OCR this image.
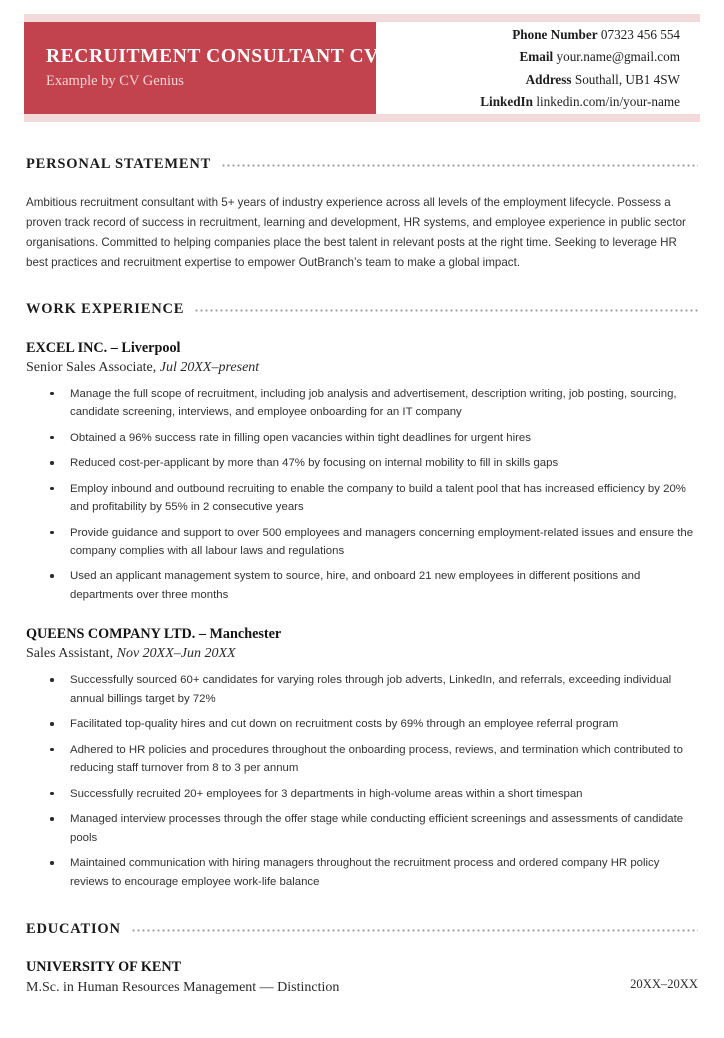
RECRUITMENT CONSULTANT CV
Example by CV Genius
Phone Number 07323 456 554
Email your.name@gmail.com
Address Southall, UB1 4SW
LinkedIn linkedin.com/in/your-name
PERSONAL STATEMENT
Ambitious recruitment consultant with 5+ years of industry experience across all levels of the employment lifecycle. Possess a proven track record of success in recruitment, learning and development, HR systems, and employee experience in public sector organisations. Committed to helping companies place the best talent in relevant posts at the right time. Seeking to leverage HR best practices and recruitment expertise to empower OutBranch’s team to make a global impact.
WORK EXPERIENCE
EXCEL INC. – Liverpool
Senior Sales Associate, Jul 20XX–present
Manage the full scope of recruitment, including job analysis and advertisement, description writing, job posting, sourcing, candidate screening, interviews, and employee onboarding for an IT company
Obtained a 96% success rate in filling open vacancies within tight deadlines for urgent hires
Reduced cost-per-applicant by more than 47% by focusing on internal mobility to fill in skills gaps
Employ inbound and outbound recruiting to enable the company to build a talent pool that has increased efficiency by 20% and profitability by 55% in 2 consecutive years
Provide guidance and support to over 500 employees and managers concerning employment-related issues and ensure the company complies with all labour laws and regulations
Used an applicant management system to source, hire, and onboard 21 new employees in different positions and departments over three months
QUEENS COMPANY LTD. – Manchester
Sales Assistant, Nov 20XX–Jun 20XX
Successfully sourced 60+ candidates for varying roles through job adverts, LinkedIn, and referrals, exceeding individual annual billings target by 72%
Facilitated top-quality hires and cut down on recruitment costs by 69% through an employee referral program
Adhered to HR policies and procedures throughout the onboarding process, reviews, and termination which contributed to reducing staff turnover from 8 to 3 per annum
Successfully recruited 20+ employees for 3 departments in high-volume areas within a short timespan
Managed interview processes through the offer stage while conducting efficient screenings and assessments of candidate pools
Maintained communication with hiring managers throughout the recruitment process and ordered company HR policy reviews to encourage employee work-life balance
EDUCATION
UNIVERSITY OF KENT
M.Sc. in Human Resources Management — Distinction	20XX–20XX
